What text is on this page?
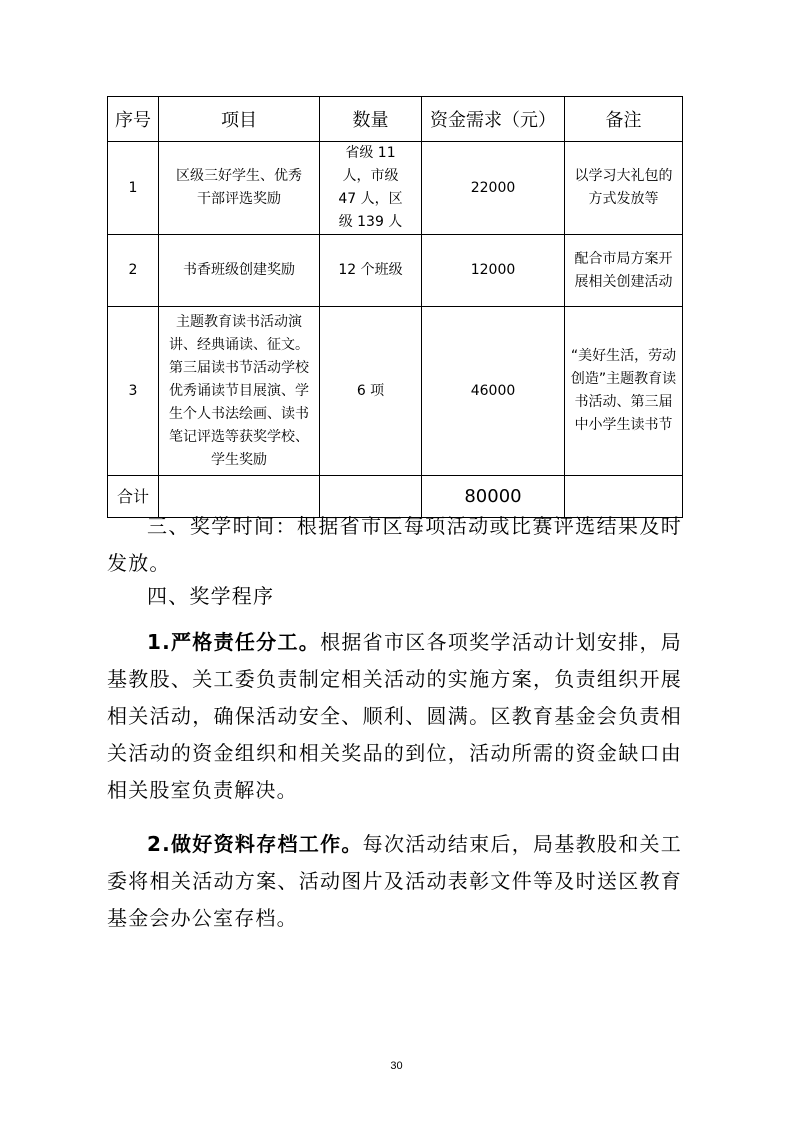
序号	项目	数量	资金需求（元）	备注
1	区级三好学生、优秀干部评选奖励	省级 11 人，市级 47 人，区级 139 人	22000	以学习大礼包的方式发放等
2	书香班级创建奖励	12 个班级	12000	配合市局方案开展相关创建活动
3	主题教育读书活动演讲、经典诵读、征文。第三届读书节活动学校优秀诵读节目展演、学生个人书法绘画、读书笔记评选等获奖学校、学生奖励	6 项	46000	“美好生活，劳动创造”主题教育读书活动、第三届中小学生读书节
合计			80000	
三、奖学时间：根据省市区每项活动或比赛评选结果及时发放。
四、奖学程序
1.严格责任分工。根据省市区各项奖学活动计划安排，局基教股、关工委负责制定相关活动的实施方案，负责组织开展相关活动，确保活动安全、顺利、圆满。区教育基金会负责相关活动的资金组织和相关奖品的到位，活动所需的资金缺口由相关股室负责解决。
2.做好资料存档工作。每次活动结束后，局基教股和关工委将相关活动方案、活动图片及活动表彰文件等及时送区教育基金会办公室存档。
30
